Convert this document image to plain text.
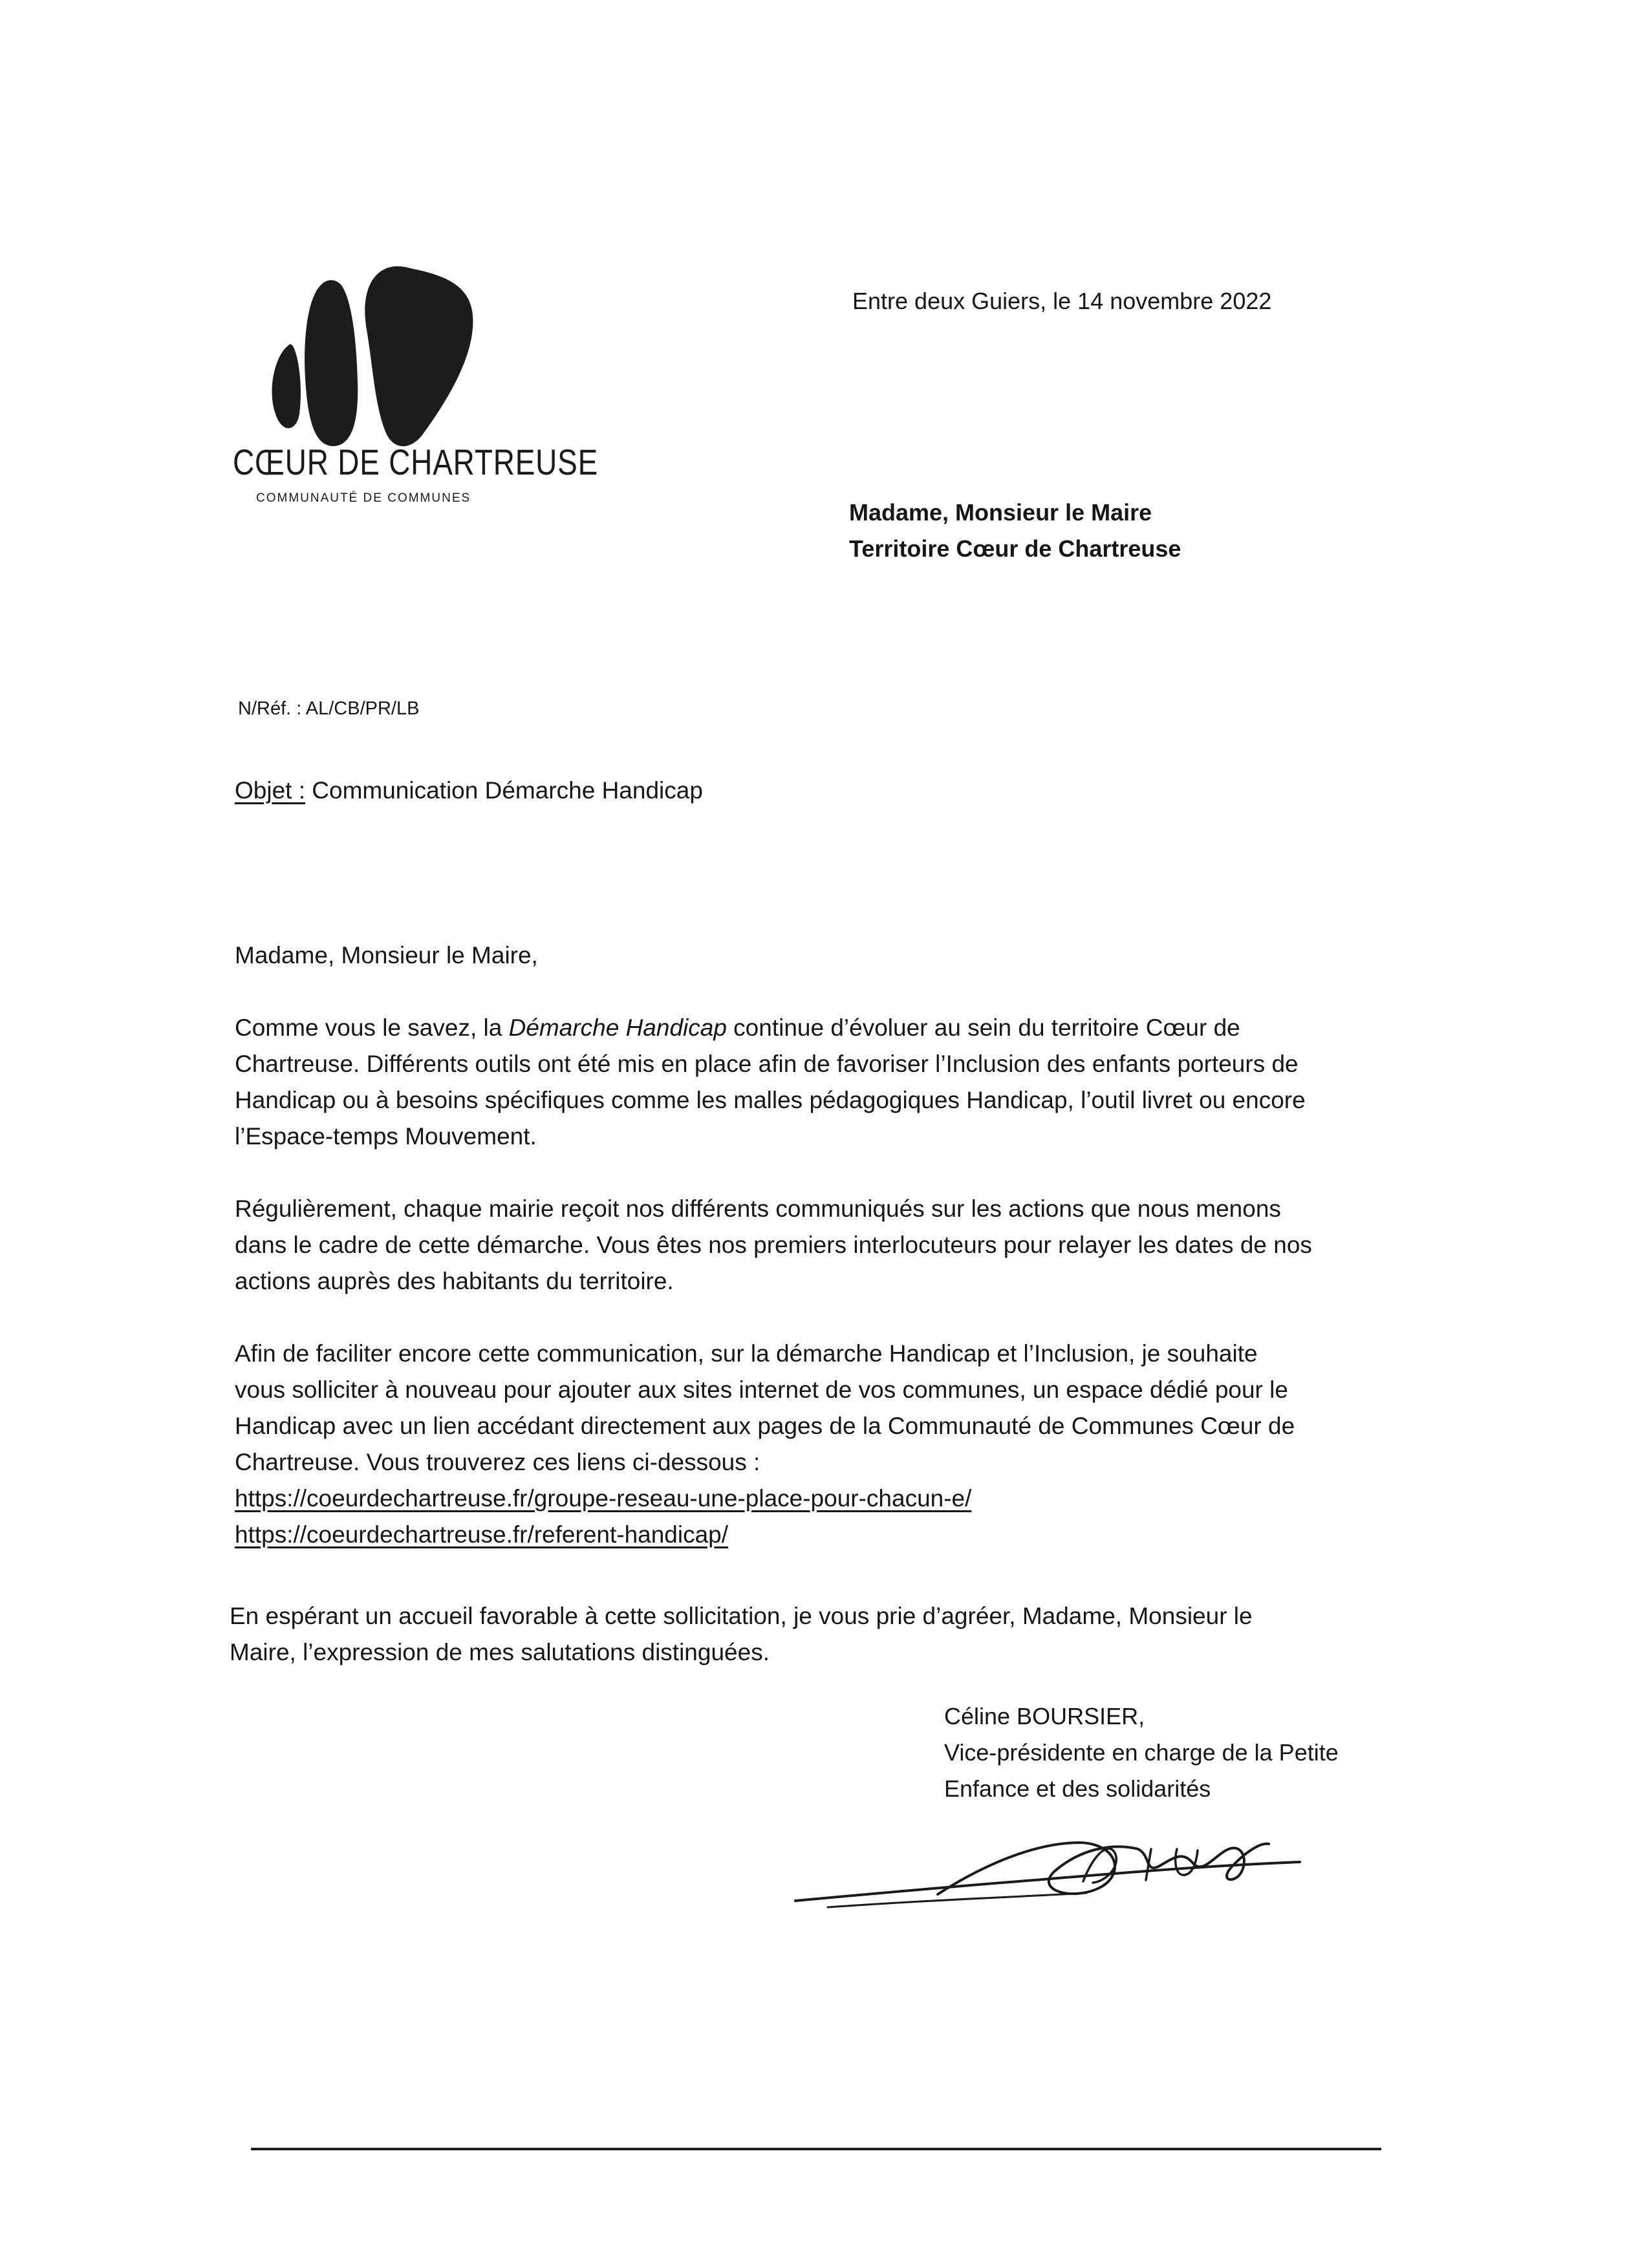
CŒUR DE CHARTREUSE
COMMUNAUTÉ DE COMMUNES
Entre deux Guiers, le 14 novembre 2022
Madame, Monsieur le Maire
Territoire Cœur de Chartreuse
N/Réf. : AL/CB/PR/LB
Objet : Communication Démarche Handicap

Madame, Monsieur le Maire,

Comme vous le savez, la Démarche Handicap continue d’évoluer au sein du territoire Cœur de
Chartreuse. Différents outils ont été mis en place afin de favoriser l’Inclusion des enfants porteurs de
Handicap ou à besoins spécifiques comme les malles pédagogiques Handicap, l’outil livret ou encore
l’Espace-temps Mouvement.

Régulièrement, chaque mairie reçoit nos différents communiqués sur les actions que nous menons
dans le cadre de cette démarche. Vous êtes nos premiers interlocuteurs pour relayer les dates de nos
actions auprès des habitants du territoire.

Afin de faciliter encore cette communication, sur la démarche Handicap et l’Inclusion, je souhaite
vous solliciter à nouveau pour ajouter aux sites internet de vos communes, un espace dédié pour le
Handicap avec un lien accédant directement aux pages de la Communauté de Communes Cœur de
Chartreuse. Vous trouverez ces liens ci-dessous :
https://coeurdechartreuse.fr/groupe-reseau-une-place-pour-chacun-e/
https://coeurdechartreuse.fr/referent-handicap/

En espérant un accueil favorable à cette sollicitation, je vous prie d’agréer, Madame, Monsieur le
Maire, l’expression de mes salutations distinguées.
Céline BOURSIER,
Vice-présidente en charge de la Petite
Enfance et des solidarités
